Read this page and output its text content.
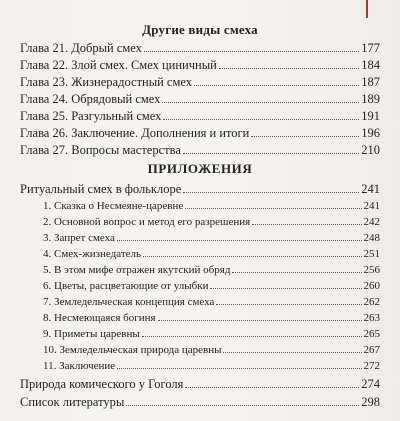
Другие виды смеха
Глава 21. Добрый смех	177
Глава 22. Злой смех. Смех циничный	184
Глава 23. Жизнерадостный смех	187
Глава 24. Обрядовый смех	189
Глава 25. Разгульный смех	191
Глава 26. Заключение. Дополнения и итоги	196
Глава 27. Вопросы мастерства	210
ПРИЛОЖЕНИЯ
Ритуальный смех в фольклоре	241
1. Сказка о Несмеяне-царевне	241
2. Основной вопрос и метод его разрешения	242
3. Запрет смеха	248
4. Смех-жизнедатель	251
5. В этом мифе отражен якутский обряд	256
6. Цветы, расцветающие от улыбки	260
7. Земледельческая концепция смеха	262
8. Несмеющаяся богиня	263
9. Приметы царевны	265
10. Земледельческая природа царевны	267
11. Заключение	272
Природа комического у Гоголя	274
Список литературы	298
